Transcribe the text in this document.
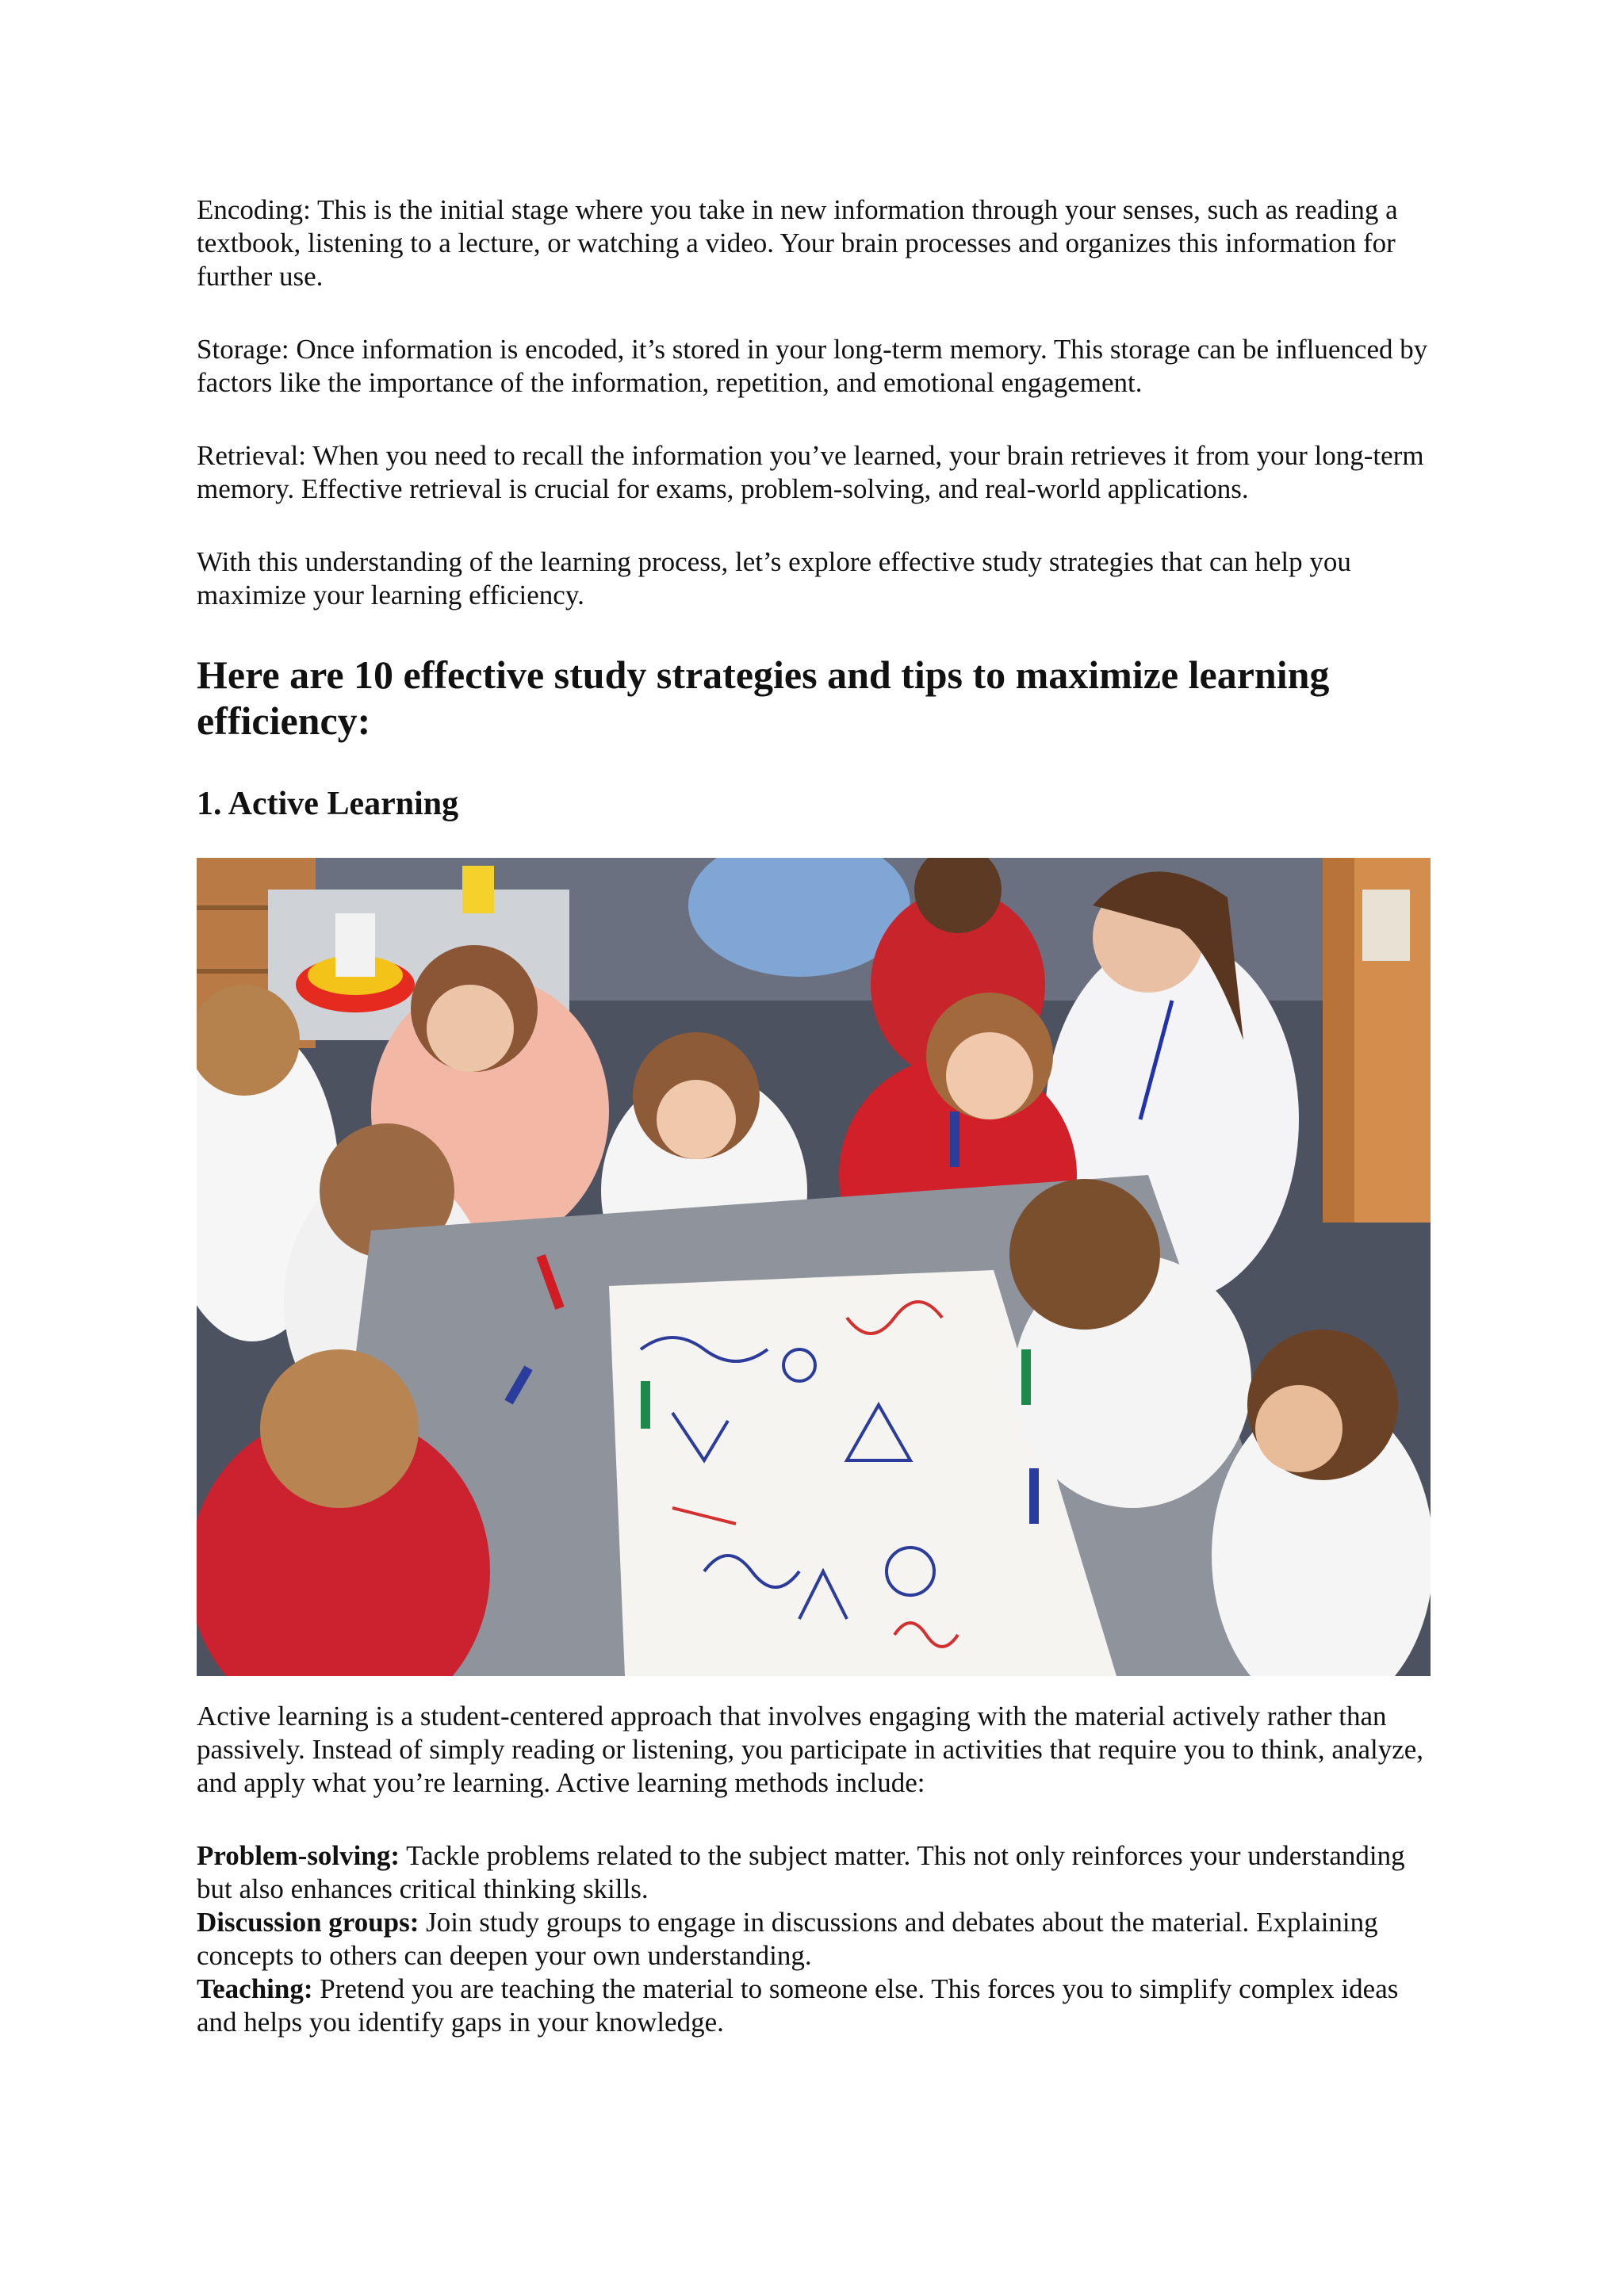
Encoding: This is the initial stage where you take in new information through your senses, such as reading a textbook, listening to a lecture, or watching a video. Your brain processes and organizes this information for further use.

Storage: Once information is encoded, it’s stored in your long-term memory. This storage can be influenced by factors like the importance of the information, repetition, and emotional engagement.

Retrieval: When you need to recall the information you’ve learned, your brain retrieves it from your long-term memory. Effective retrieval is crucial for exams, problem-solving, and real-world applications.

With this understanding of the learning process, let’s explore effective study strategies that can help you maximize your learning efficiency.

Here are 10 effective study strategies and tips to maximize learning efficiency:
1. Active Learning

Active learning is a student-centered approach that involves engaging with the material actively rather than passively. Instead of simply reading or listening, you participate in activities that require you to think, analyze, and apply what you’re learning. Active learning methods include:

Problem-solving: Tackle problems related to the subject matter. This not only reinforces your understanding but also enhances critical thinking skills.

Discussion groups: Join study groups to engage in discussions and debates about the material. Explaining concepts to others can deepen your own understanding.

Teaching: Pretend you are teaching the material to someone else. This forces you to simplify complex ideas and helps you identify gaps in your knowledge.
